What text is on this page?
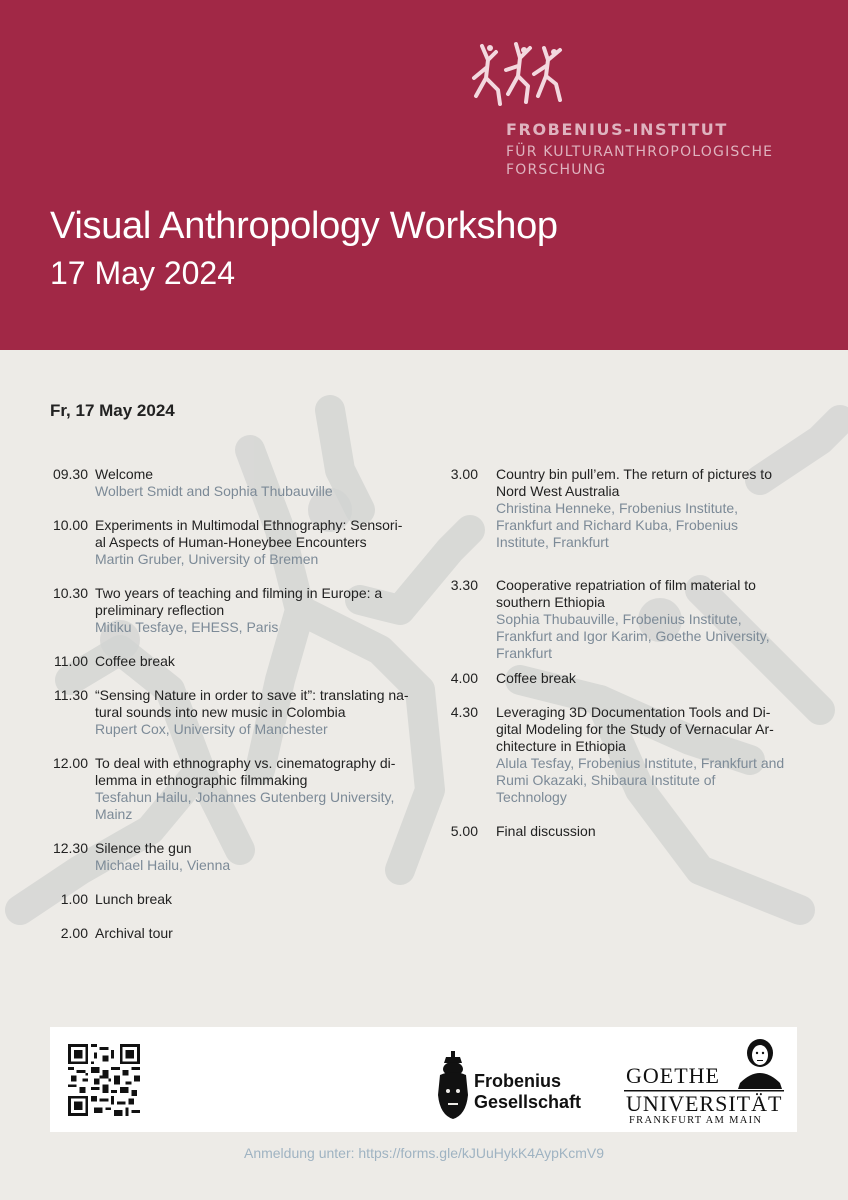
FROBENIUS-INSTITUT
FÜR KULTURANTHROPOLOGISCHE
FORSCHUNG
Visual Anthropology Workshop
17 May 2024
Fr, 17 May 2024
09.30 Welcome
Wolbert Smidt and Sophia Thubauville
10.00 Experiments in Multimodal Ethnography: Sensori-
al Aspects of Human-Honeybee Encounters
Martin Gruber, University of Bremen
10.30 Two years of teaching and filming in Europe: a
preliminary reflection
Mitiku Tesfaye, EHESS, Paris
11.00 Coffee break
11.30 “Sensing Nature in order to save it”: translating na-
tural sounds into new music in Colombia
Rupert Cox, University of Manchester
12.00 To deal with ethnography vs. cinematography di-
lemma in ethnographic filmmaking
Tesfahun Hailu, Johannes Gutenberg University,
Mainz
12.30 Silence the gun
Michael Hailu, Vienna
1.00 Lunch break
2.00 Archival tour
3.00 Country bin pull’em. The return of pictures to
Nord West Australia
Christina Henneke, Frobenius Institute,
Frankfurt and Richard Kuba, Frobenius
Institute, Frankfurt
3.30 Cooperative repatriation of film material to
southern Ethiopia
Sophia Thubauville, Frobenius Institute,
Frankfurt and Igor Karim, Goethe University,
Frankfurt
4.00 Coffee break
4.30 Leveraging 3D Documentation Tools and Di-
gital Modeling for the Study of Vernacular Ar-
chitecture in Ethiopia
Alula Tesfay, Frobenius Institute, Frankfurt and
Rumi Okazaki, Shibaura Institute of
Technology
5.00 Final discussion
Frobenius
Gesellschaft
GOETHE
UNIVERSITÄT
FRANKFURT AM MAIN
Anmeldung unter: https://forms.gle/kJUuHykK4AypKcmV9
